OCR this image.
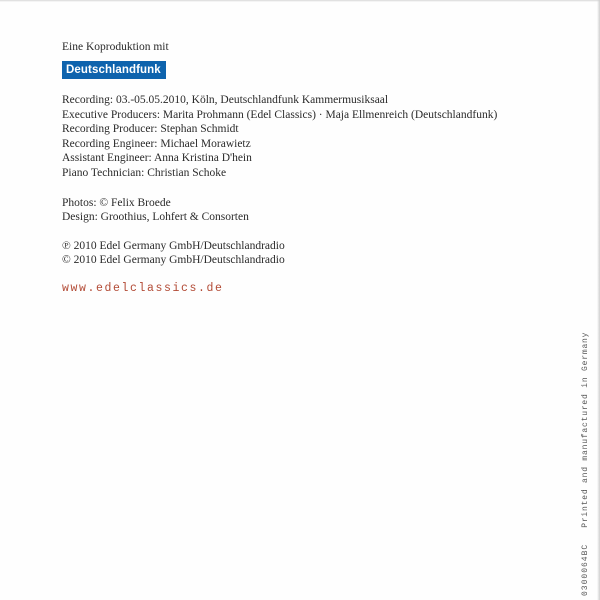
Eine Koproduktion mit
Deutschlandfunk
Recording: 03.-05.05.2010, Köln, Deutschlandfunk Kammermusiksaal
Executive Producers: Marita Prohmann (Edel Classics) · Maja Ellmenreich (Deutschlandfunk)
Recording Producer: Stephan Schmidt
Recording Engineer: Michael Morawietz
Assistant Engineer: Anna Kristina D'hein
Piano Technician: Christian Schoke
Photos: © Felix Broede
Design: Groothius, Lohfert & Consorten
℗ 2010 Edel Germany GmbH/Deutschlandradio
© 2010 Edel Germany GmbH/Deutschlandradio
www.edelclassics.de
0300064BCPrinted and manufactured in Germany
